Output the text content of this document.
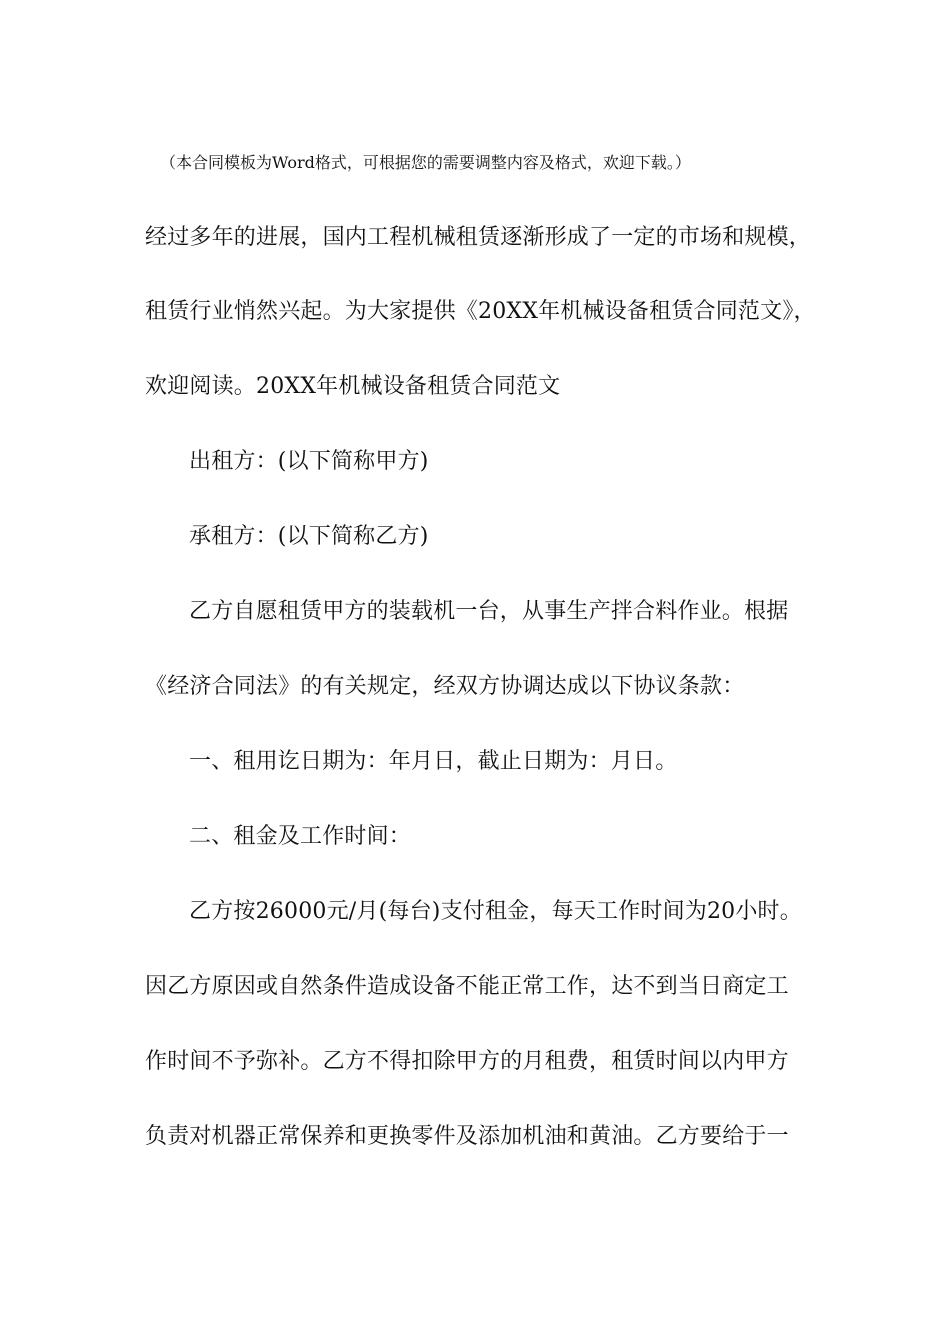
（本合同模板为Word格式，可根据您的需要调整内容及格式，欢迎下载。）
经过多年的进展，国内工程机械租赁逐渐形成了一定的市场和规模，
租赁行业悄然兴起。为大家提供《20XX年机械设备租赁合同范文》，
欢迎阅读。20XX年机械设备租赁合同范文
出租方：(以下简称甲方)
承租方：(以下简称乙方)
乙方自愿租赁甲方的装载机一台，从事生产拌合料作业。根据
《经济合同法》的有关规定，经双方协调达成以下协议条款：
一、租用讫日期为：年月日，截止日期为：月日。
二、租金及工作时间：
乙方按26000元/月(每台)支付租金，每天工作时间为20小时。
因乙方原因或自然条件造成设备不能正常工作，达不到当日商定工
作时间不予弥补。乙方不得扣除甲方的月租费，租赁时间以内甲方
负责对机器正常保养和更换零件及添加机油和黄油。乙方要给于一
